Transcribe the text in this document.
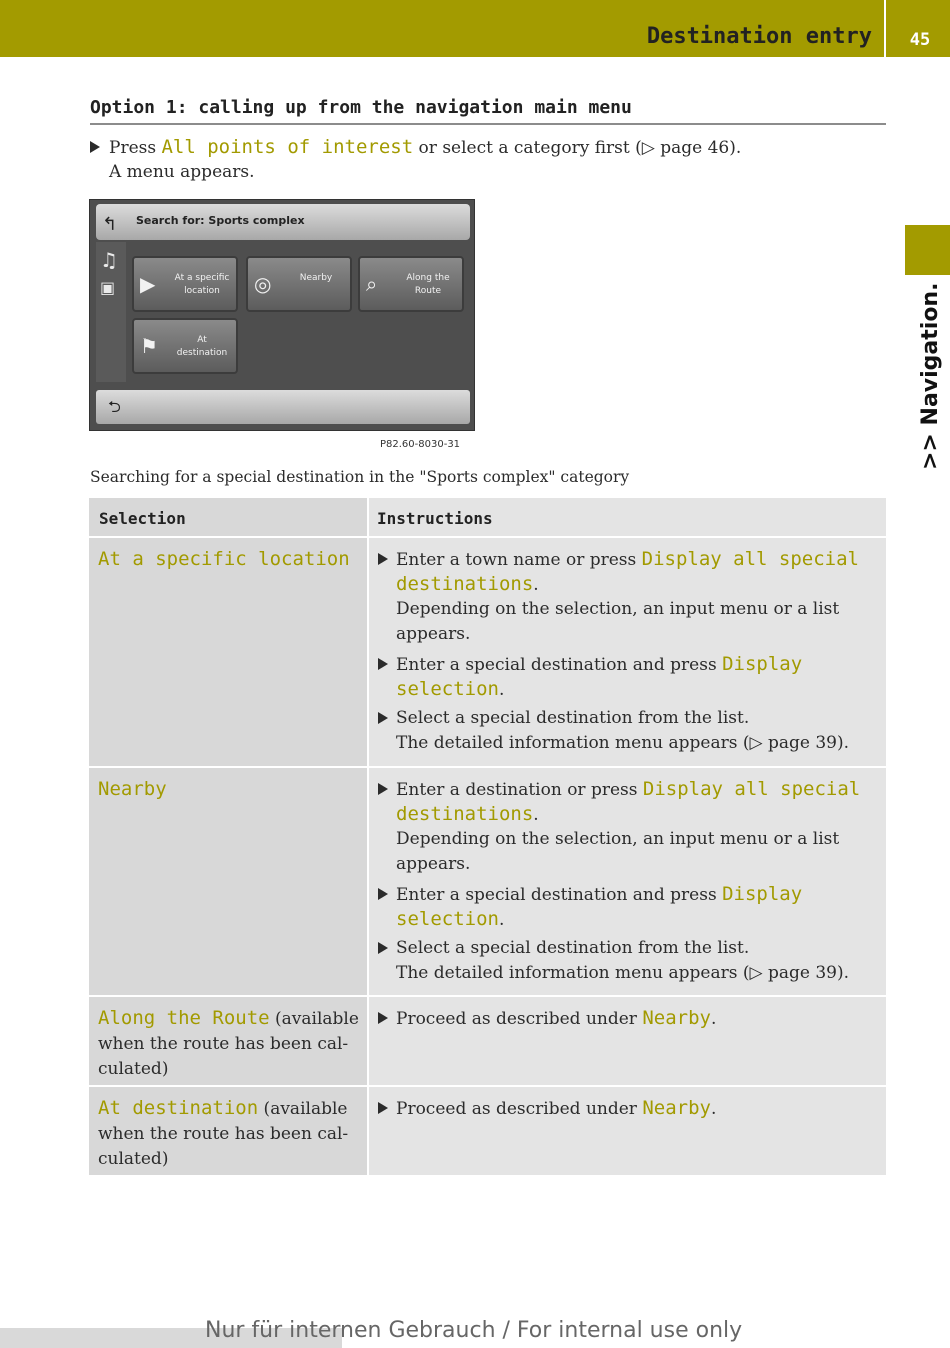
Destination entry	45
>> Navigation.
Option 1: calling up from the navigation main menu
Press All points of interest or select a category first (▷ page 46).
A menu appears.
↰ Search for: Sports complex
♫
▣ ▶ At a specific location	◎	Nearby	⌕	Along the Route
⚑	At destination
⮌
P82.60-8030-31
Searching for a special destination in the "Sports complex" category
Selection	Instructions
At a specific location	Enter a town name or press Display all special
destinations.
Depending on the selection, an input menu or a list
appears.
Enter a special destination and press Display
selection.
Select a special destination from the list.
The detailed information menu appears (▷ page 39).
Nearby	Enter a destination or press Display all special
destinations.
Depending on the selection, an input menu or a list
appears.
Enter a special destination and press Display
selection.
Select a special destination from the list.
The detailed information menu appears (▷ page 39).
Along the Route (available when the route has been cal-culated)
Proceed as described under Nearby.
At destination (available when the route has been cal-culated)
Proceed as described under Nearby.
Nur für internen Gebrauch / For internal use only
